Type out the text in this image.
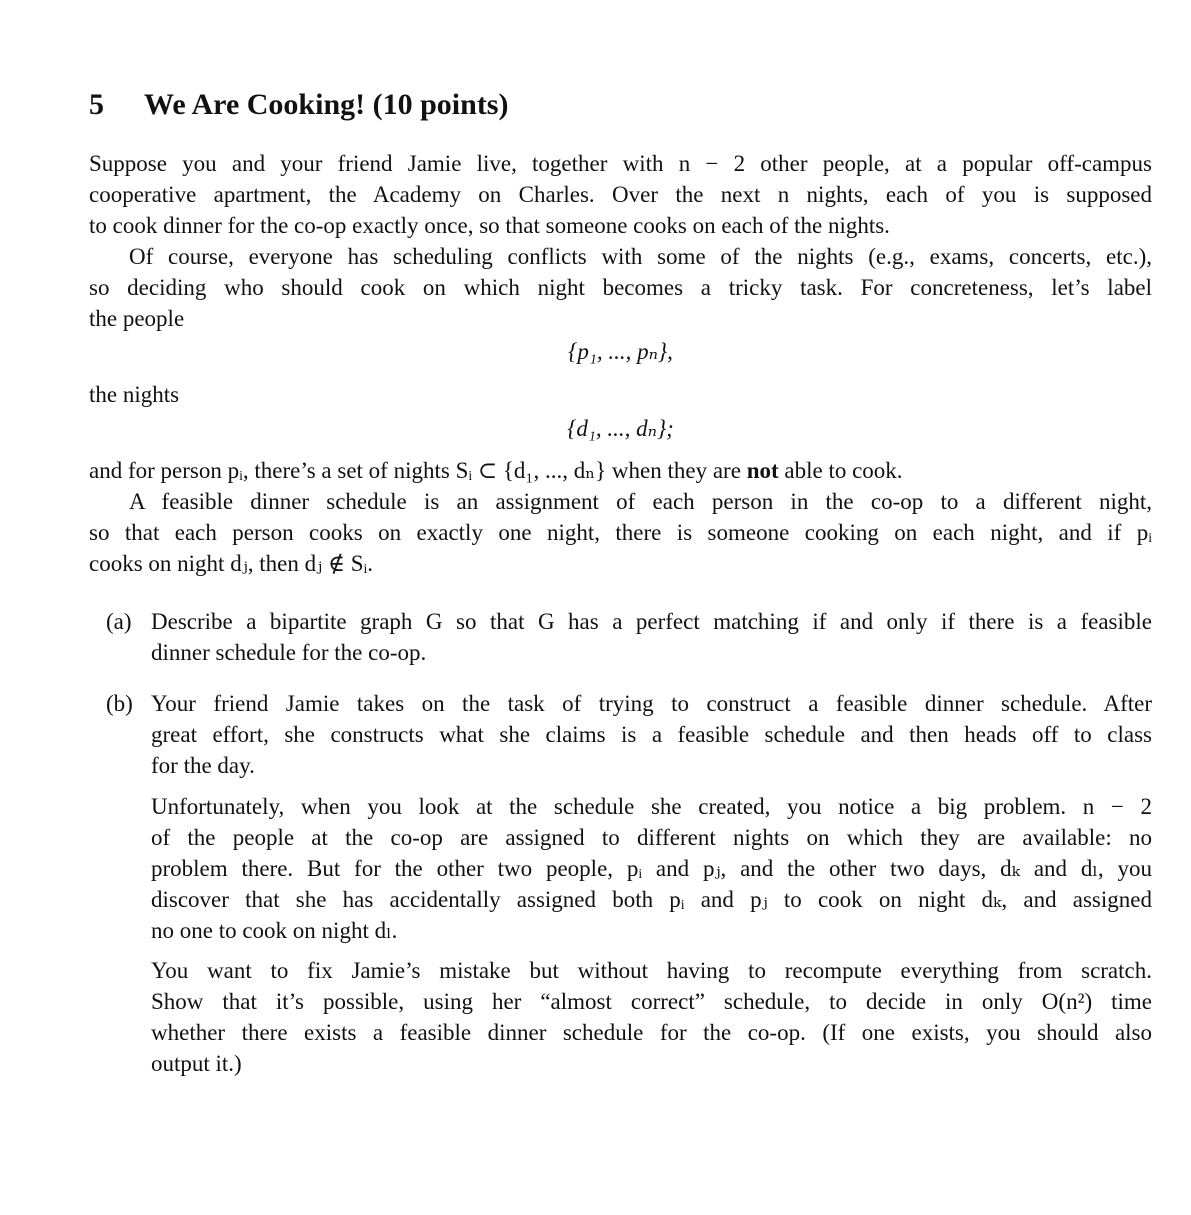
5 We Are Cooking! (10 points)
Suppose you and your friend Jamie live, together with n − 2 other people, at a popular off-campus
cooperative apartment, the Academy on Charles. Over the next n nights, each of you is supposed
to cook dinner for the co-op exactly once, so that someone cooks on each of the nights.
Of course, everyone has scheduling conflicts with some of the nights (e.g., exams, concerts, etc.),
so deciding who should cook on which night becomes a tricky task. For concreteness, let’s label
the people
{p₁, ..., pₙ},
the nights
{d₁, ..., dₙ};
and for person pᵢ, there’s a set of nights Sᵢ ⊂ {d₁, ..., dₙ} when they are not able to cook.
A feasible dinner schedule is an assignment of each person in the co-op to a different night,
so that each person cooks on exactly one night, there is someone cooking on each night, and if pᵢ
cooks on night dⱼ, then dⱼ ∉ Sᵢ.
(a) Describe a bipartite graph G so that G has a perfect matching if and only if there is a feasible
dinner schedule for the co-op.
(b) Your friend Jamie takes on the task of trying to construct a feasible dinner schedule. After
great effort, she constructs what she claims is a feasible schedule and then heads off to class
for the day.
Unfortunately, when you look at the schedule she created, you notice a big problem. n − 2
of the people at the co-op are assigned to different nights on which they are available: no
problem there. But for the other two people, pᵢ and pⱼ, and the other two days, dₖ and dₗ, you
discover that she has accidentally assigned both pᵢ and pⱼ to cook on night dₖ, and assigned
no one to cook on night dₗ.
You want to fix Jamie’s mistake but without having to recompute everything from scratch.
Show that it’s possible, using her “almost correct” schedule, to decide in only O(n²) time
whether there exists a feasible dinner schedule for the co-op. (If one exists, you should also
output it.)
